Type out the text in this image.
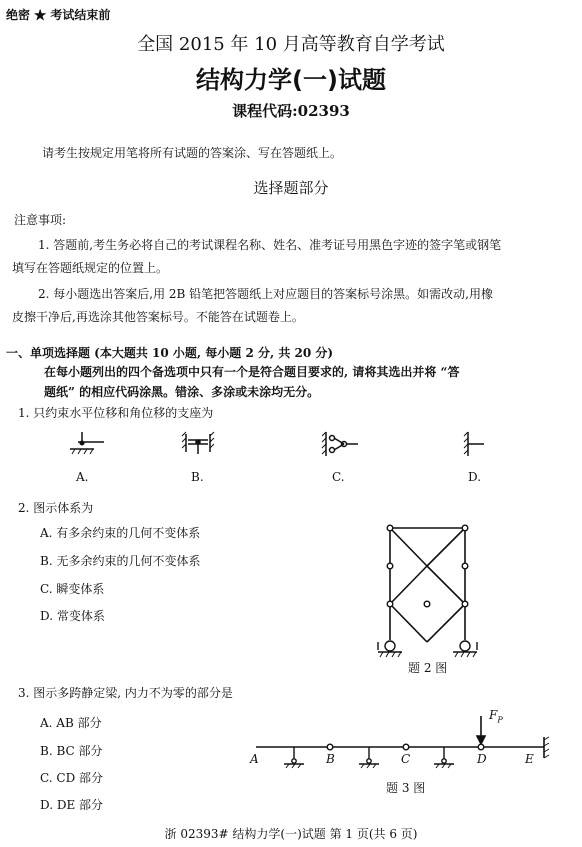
绝密 ★ 考试结束前
全国 2015 年 10 月高等教育自学考试
结构力学(一)试题
课程代码:02393
请考生按规定用笔将所有试题的答案涂、写在答题纸上。
选择题部分
注意事项:
1. 答题前,考生务必将自己的考试课程名称、姓名、准考证号用黑色字迹的签字笔或钢笔
填写在答题纸规定的位置上。
2. 每小题选出答案后,用 2B 铅笔把答题纸上对应题目的答案标号涂黑。如需改动,用橡
皮擦干净后,再选涂其他答案标号。不能答在试题卷上。
一、单项选择题 (本大题共 10 小题, 每小题 2 分, 共 20 分)
在每小题列出的四个备选项中只有一个是符合题目要求的, 请将其选出并将 “答
题纸” 的相应代码涂黑。错涂、多涂或未涂均无分。
1. 只约束水平位移和角位移的支座为
A.	B.	C.	D.
2. 图示体系为
A. 有多余约束的几何不变体系
B. 无多余约束的几何不变体系
C. 瞬变体系
D. 常变体系
题 2 图
3. 图示多跨静定梁, 内力不为零的部分是
A. AB 部分
B. BC 部分
C. CD 部分
D. DE 部分
A	B	C	D	E
$F_P$
题 3 图
浙 02393# 结构力学(一)试题 第 1 页(共 6 页)
